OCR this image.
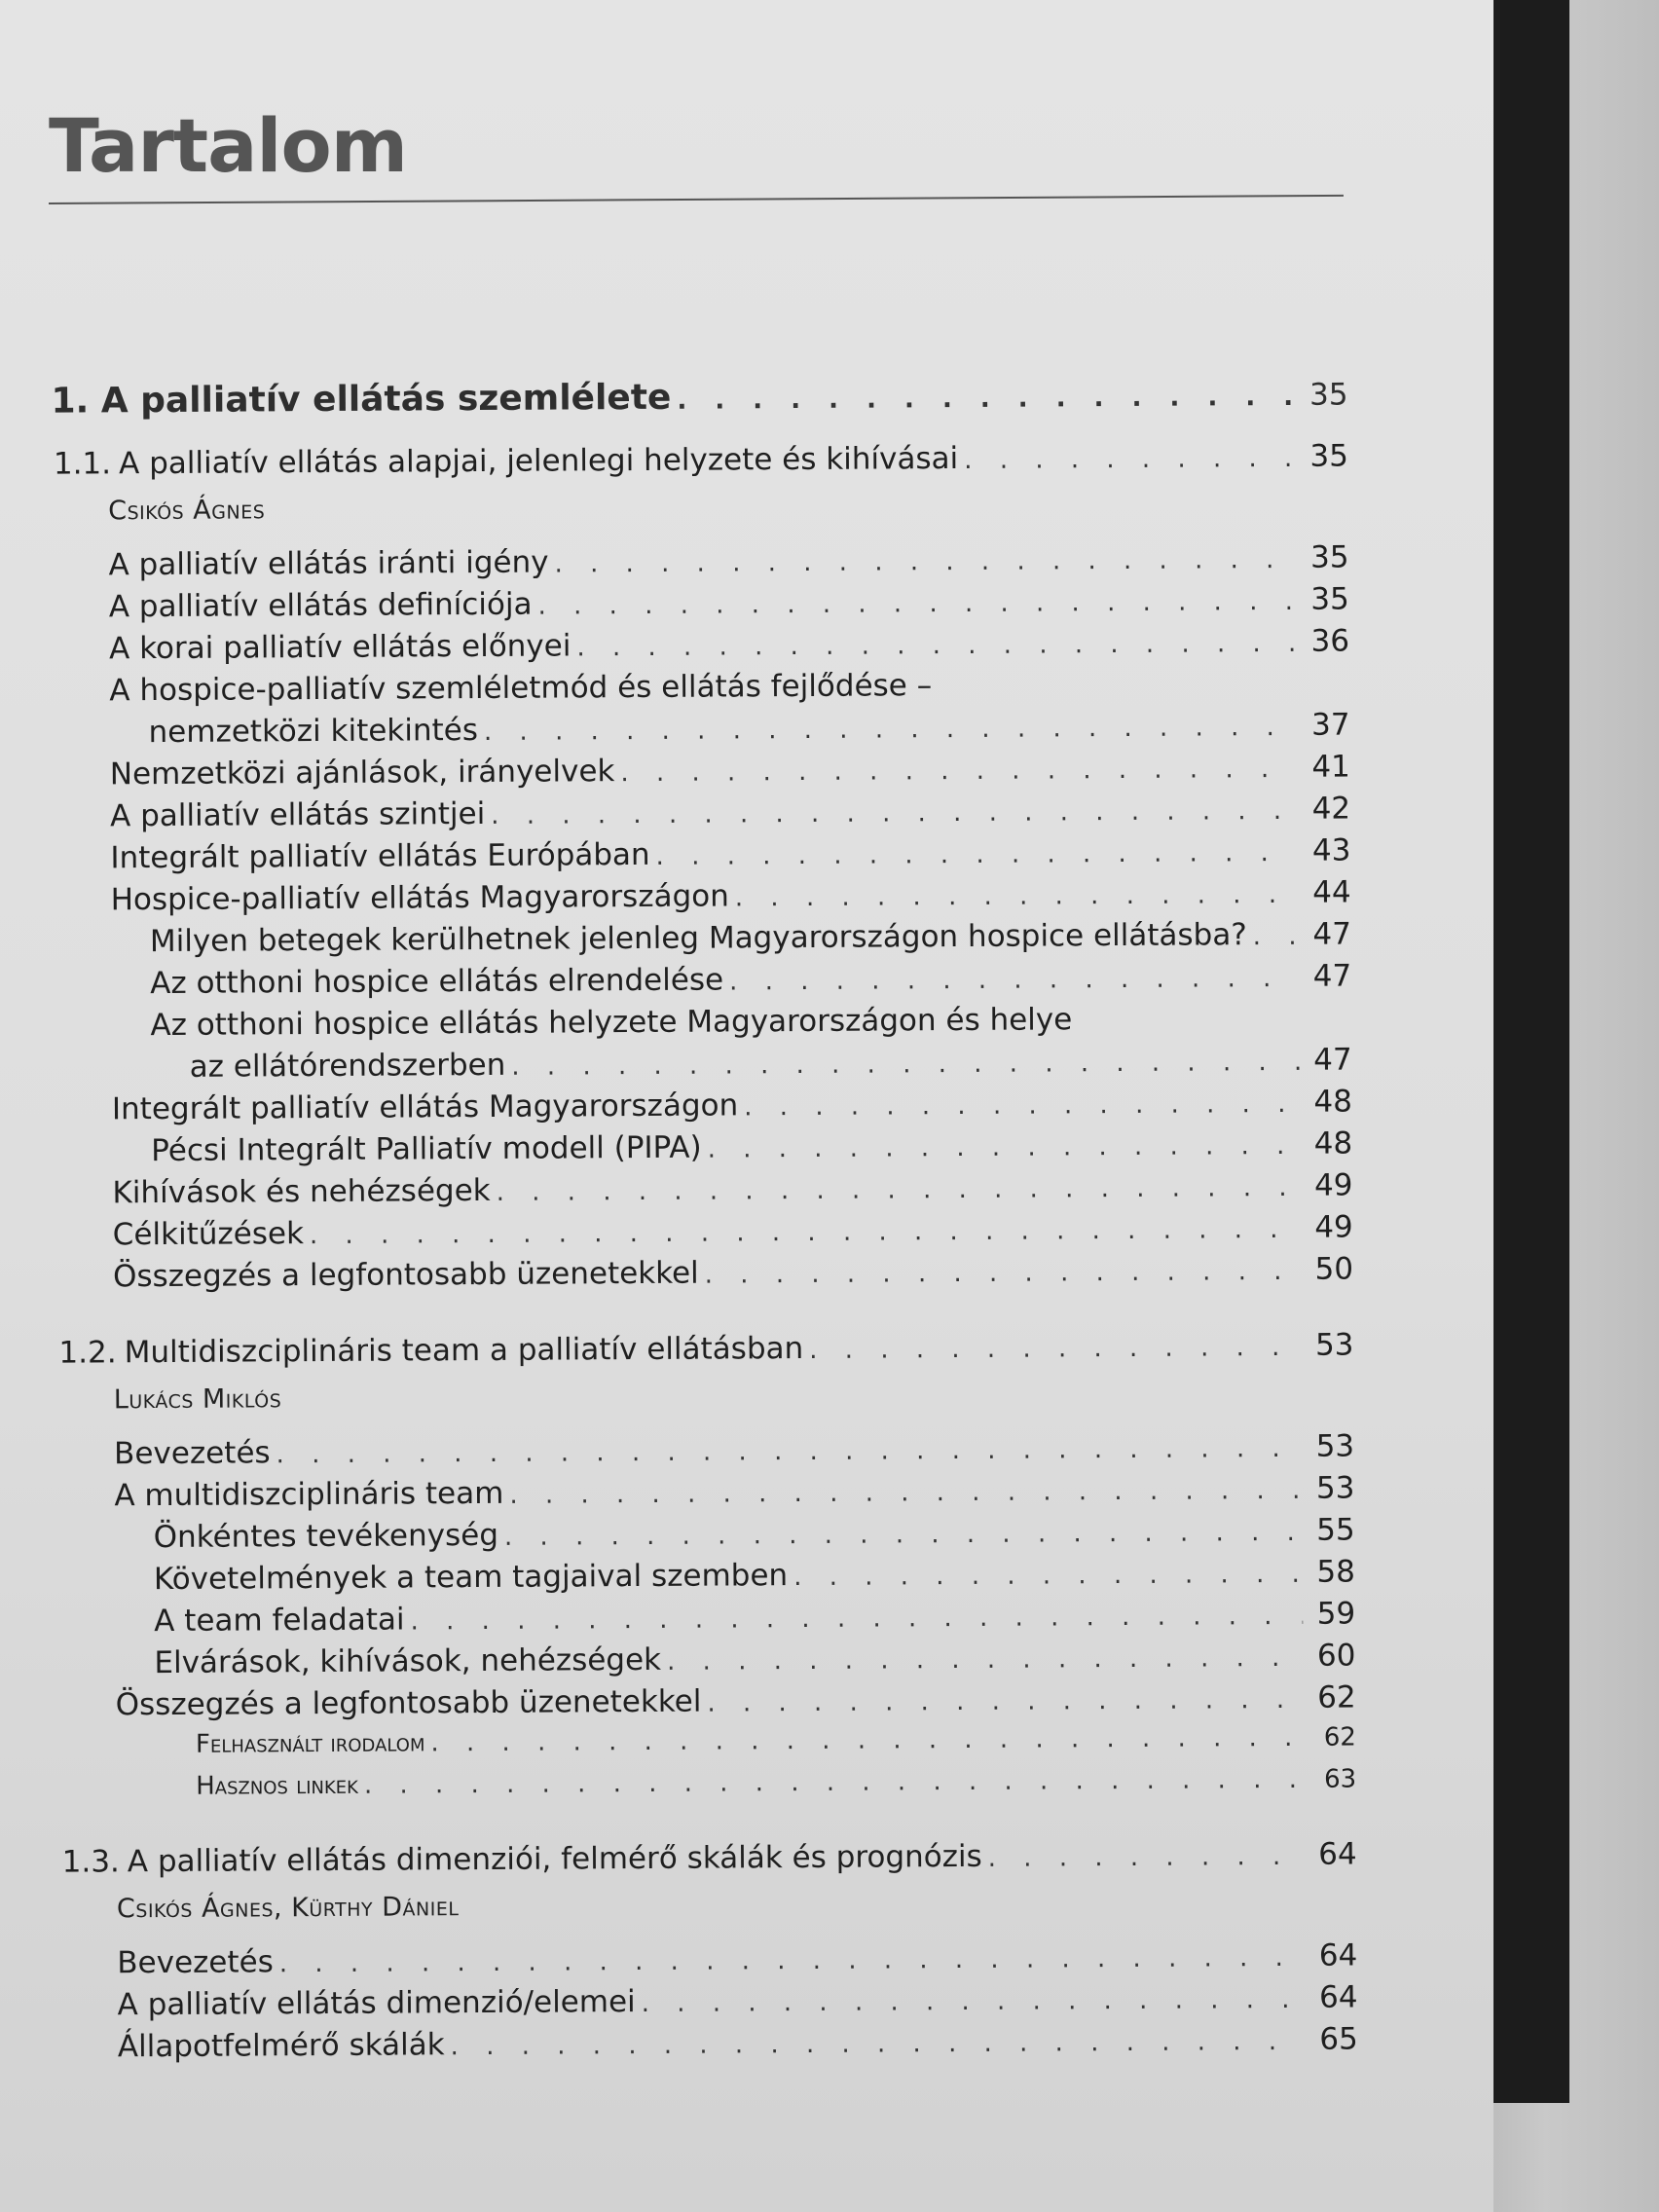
Tartalom
1. A palliatív ellátás szemlélete . . .	35
1.1. A palliatív ellátás alapjai, jelenlegi helyzete és kihívásai . . .	35
Csikós Ágnes
A palliatív ellátás iránti igény . . .	35
A palliatív ellátás definíciója . . .	35
A korai palliatív ellátás előnyei . . .	36
A hospice-palliatív szemléletmód és ellátás fejlődése –
nemzetközi kitekintés . . .	37
Nemzetközi ajánlások, irányelvek . . .	41
A palliatív ellátás szintjei . . .	42
Integrált palliatív ellátás Európában . . .	43
Hospice-palliatív ellátás Magyarországon . . .	44
Milyen betegek kerülhetnek jelenleg Magyarországon hospice ellátásba? . . . 47
Az otthoni hospice ellátás elrendelése . . .	47
Az otthoni hospice ellátás helyzete Magyarországon és helye
az ellátórendszerben . . .	47
Integrált palliatív ellátás Magyarországon . . .	48
Pécsi Integrált Palliatív modell (PIPA) . . .	48
Kihívások és nehézségek . . .	49
Célkitűzések . . .	49
Összegzés a legfontosabb üzenetekkel . . .	50
1.2. Multidiszciplináris team a palliatív ellátásban . . .	53
Lukács Miklós
Bevezetés . . .	53
A multidiszciplináris team . . .	53
Önkéntes tevékenység . . .	55
Követelmények a team tagjaival szemben . . .	58
A team feladatai . . .	59
Elvárások, kihívások, nehézségek . . .	60
Összegzés a legfontosabb üzenetekkel . . .	62
Felhasznált irodalom . . .	62
Hasznos linkek . . .	63
1.3. A palliatív ellátás dimenziói, felmérő skálák és prognózis . . .	64
Csikós Ágnes, Kürthy Dániel
Bevezetés . . .	64
A palliatív ellátás dimenzió/elemei . . .	64
Állapotfelmérő skálák . . .	65
